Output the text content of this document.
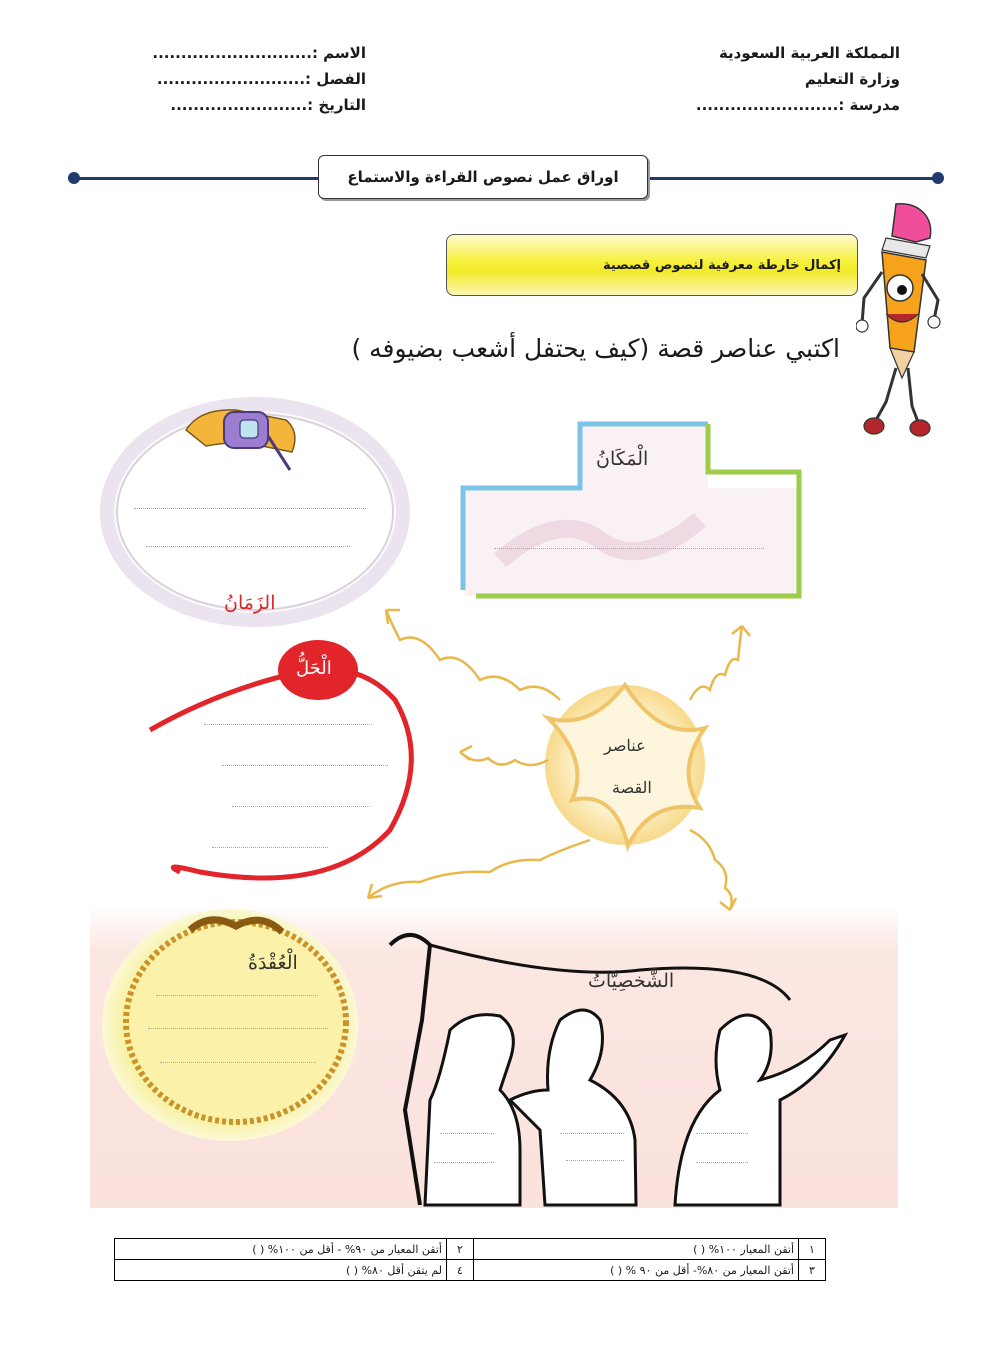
المملكة العربية السعودية
وزارة التعليم
مدرسة :.........................
الاسم :............................
الفصل :..........................
التاريخ :........................
اوراق عمل نصوص القراءة والاستماع
إكمال خارطة معرفية لنصوص قصصية
اكتبي عناصر قصة (كيف يحتفل أشعب بضيوفه )
الْمَكَانُ
الزَمَانُ
الْحَلُّ
الْعُقْدَةُ
الشَّخصِيَّاتُ
عناصر
القصة
١	أتقن المعيار ١٠٠% ( )	٢	أتقن المعيار من ٩٠% - أقل من ١٠٠% ( )
٣	أتقن المعيار من ٨٠%- أقل من ٩٠ % ( )	٤	لم يتقن أقل ٨٠% ( )
